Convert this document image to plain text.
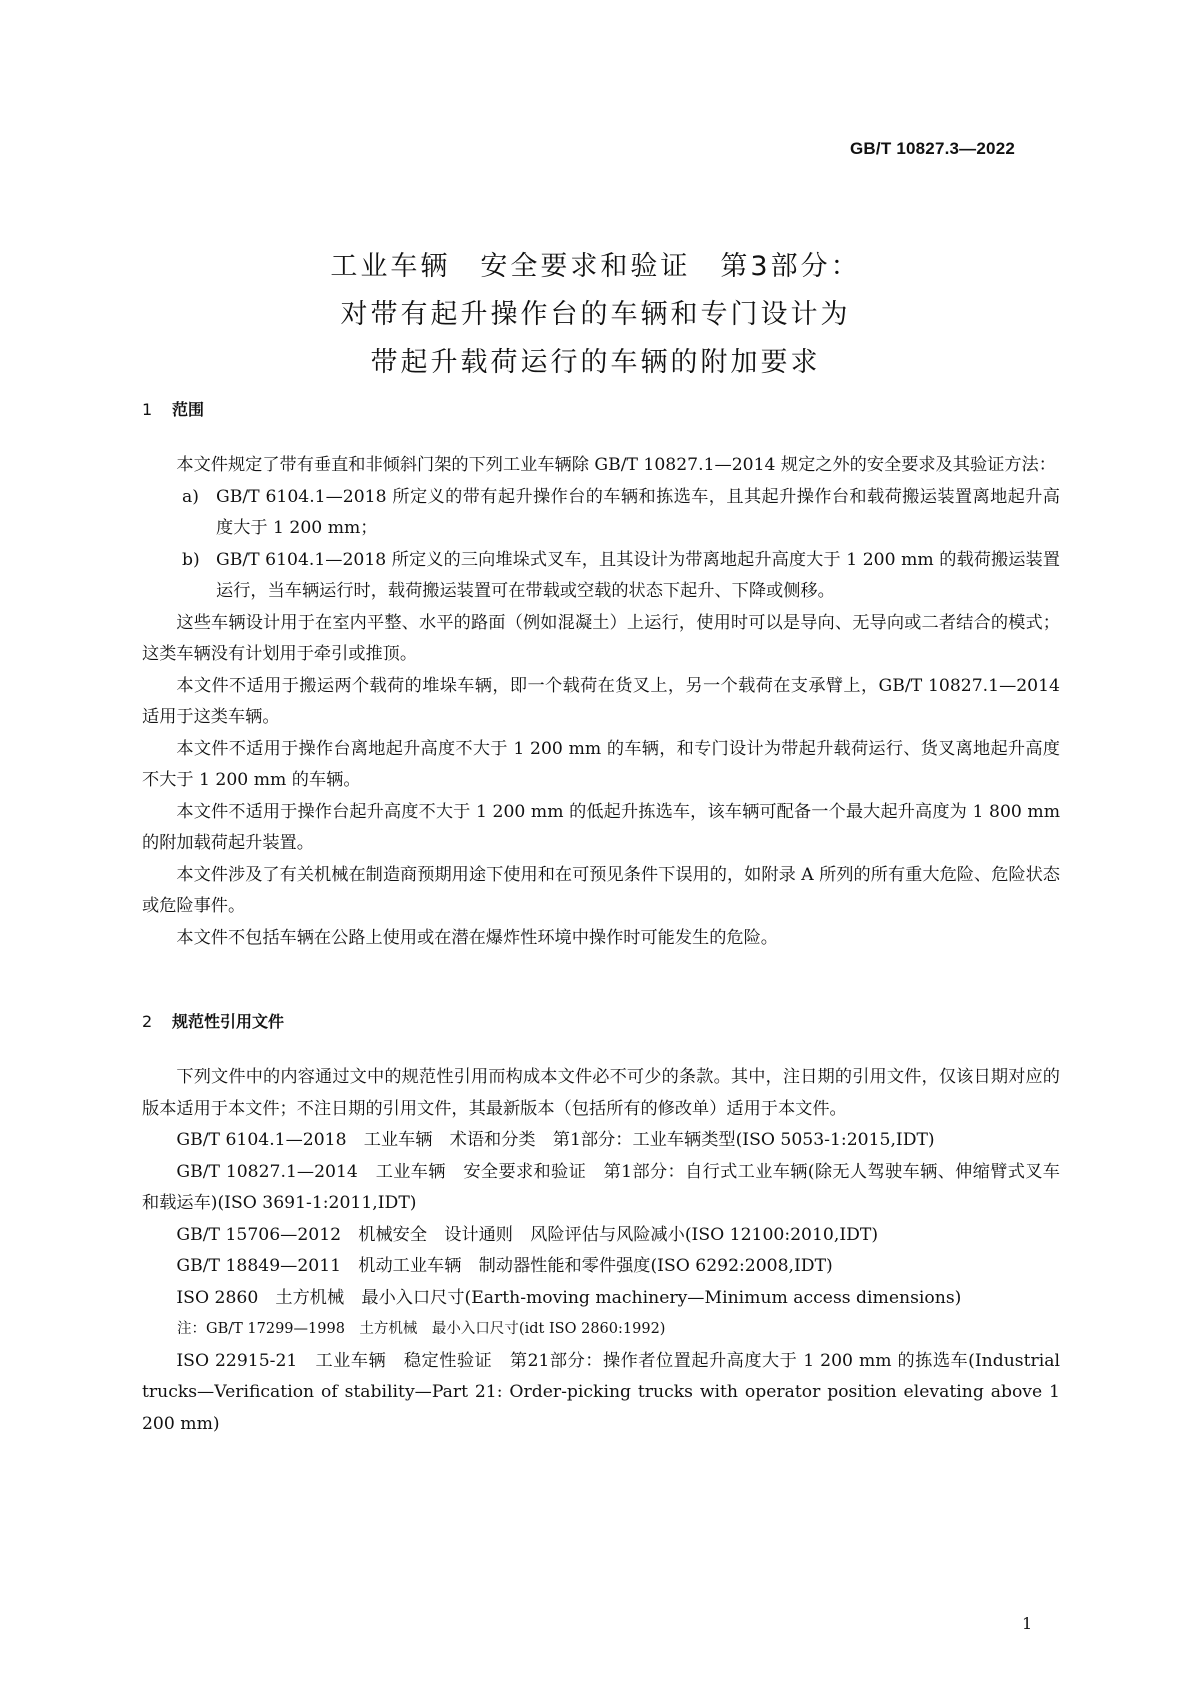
GB/T 10827.3—2022
工业车辆　安全要求和验证　第3部分：
对带有起升操作台的车辆和专门设计为
带起升载荷运行的车辆的附加要求
1 范围

本文件规定了带有垂直和非倾斜门架的下列工业车辆除 GB/T 10827.1—2014 规定之外的安全要求及其验证方法：

a) GB/T 6104.1—2018 所定义的带有起升操作台的车辆和拣选车，且其起升操作台和载荷搬运装置离地起升高度大于 1 200 mm；

b) GB/T 6104.1—2018 所定义的三向堆垛式叉车，且其设计为带离地起升高度大于 1 200 mm 的载荷搬运装置运行，当车辆运行时，载荷搬运装置可在带载或空载的状态下起升、下降或侧移。

这些车辆设计用于在室内平整、水平的路面（例如混凝土）上运行，使用时可以是导向、无导向或二者结合的模式；这类车辆没有计划用于牵引或推顶。

本文件不适用于搬运两个载荷的堆垛车辆，即一个载荷在货叉上，另一个载荷在支承臂上，GB/T 10827.1—2014 适用于这类车辆。

本文件不适用于操作台离地起升高度不大于 1 200 mm 的车辆，和专门设计为带起升载荷运行、货叉离地起升高度不大于 1 200 mm 的车辆。

本文件不适用于操作台起升高度不大于 1 200 mm 的低起升拣选车，该车辆可配备一个最大起升高度为 1 800 mm 的附加载荷起升装置。

本文件涉及了有关机械在制造商预期用途下使用和在可预见条件下误用的，如附录 A 所列的所有重大危险、危险状态或危险事件。

本文件不包括车辆在公路上使用或在潜在爆炸性环境中操作时可能发生的危险。

2 规范性引用文件

下列文件中的内容通过文中的规范性引用而构成本文件必不可少的条款。其中，注日期的引用文件，仅该日期对应的版本适用于本文件；不注日期的引用文件，其最新版本（包括所有的修改单）适用于本文件。

GB/T 6104.1—2018　工业车辆　术语和分类　第1部分：工业车辆类型(ISO 5053-1:2015,IDT)

GB/T 10827.1—2014　工业车辆　安全要求和验证　第1部分：自行式工业车辆(除无人驾驶车辆、伸缩臂式叉车和载运车)(ISO 3691-1:2011,IDT)

GB/T 15706—2012　机械安全　设计通则　风险评估与风险减小(ISO 12100:2010,IDT)

GB/T 18849—2011　机动工业车辆　制动器性能和零件强度(ISO 6292:2008,IDT)

ISO 2860　土方机械　最小入口尺寸(Earth-moving machinery—Minimum access dimensions)

注：GB/T 17299—1998　土方机械　最小入口尺寸(idt ISO 2860:1992)

ISO 22915-21　工业车辆　稳定性验证　第21部分：操作者位置起升高度大于 1 200 mm 的拣选车(Industrial trucks—Verification of stability—Part 21: Order-picking trucks with operator position elevating above 1 200 mm)

1
